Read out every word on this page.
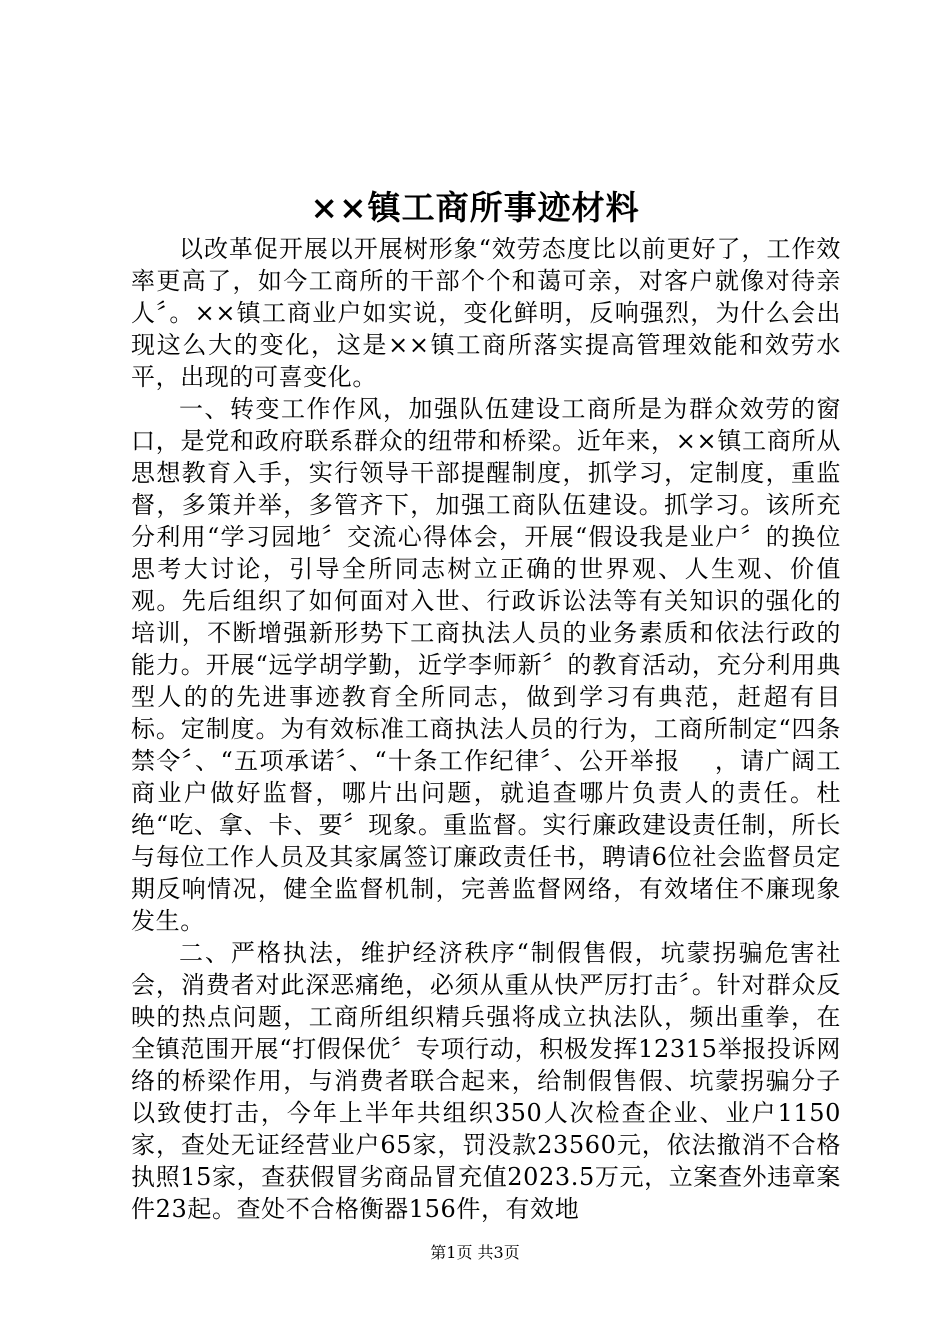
××镇工商所事迹材料

以改革促开展以开展树形象“效劳态度比以前更好了，工作效率更高了，如今工商所的干部个个和蔼可亲，对客户就像对待亲人〞。××镇工商业户如实说，变化鲜明，反响强烈，为什么会出现这么大的变化，这是××镇工商所落实提高管理效能和效劳水平，出现的可喜变化。

一、转变工作作风，加强队伍建设工商所是为群众效劳的窗口，是党和政府联系群众的纽带和桥梁。近年来，××镇工商所从思想教育入手，实行领导干部提醒制度，抓学习，定制度，重监督，多策并举，多管齐下，加强工商队伍建设。抓学习。该所充分利用“学习园地〞交流心得体会，开展“假设我是业户〞的换位思考大讨论，引导全所同志树立正确的世界观、人生观、价值观。先后组织了如何面对入世、行政诉讼法等有关知识的强化的培训，不断增强新形势下工商执法人员的业务素质和依法行政的能力。开展“远学胡学勤，近学李师新〞的教育活动，充分利用典型人的的先进事迹教育全所同志，做到学习有典范，赶超有目标。定制度。为有效标准工商执法人员的行为，工商所制定“四条禁令〞、“五项承诺〞、“十条工作纪律〞、公开举报　 ，请广阔工商业户做好监督，哪片出问题，就追查哪片负责人的责任。杜绝“吃、拿、卡、要〞现象。重监督。实行廉政建设责任制，所长与每位工作人员及其家属签订廉政责任书，聘请6位社会监督员定期反响情况，健全监督机制，完善监督网络，有效堵住不廉现象发生。

二、严格执法，维护经济秩序“制假售假，坑蒙拐骗危害社会，消费者对此深恶痛绝，必须从重从快严厉打击〞。针对群众反映的热点问题，工商所组织精兵强将成立执法队，频出重拳，在全镇范围开展“打假保优〞专项行动，积极发挥12315举报投诉网络的桥梁作用，与消费者联合起来，给制假售假、坑蒙拐骗分子以致使打击，今年上半年共组织350人次检查企业、业户1150家，查处无证经营业户65家，罚没款23560元，依法撤消不合格执照15家，查获假冒劣商品冒充值2023.5万元，立案查外违章案件23起。查处不合格衡器156件，有效地

第1页 共3页
